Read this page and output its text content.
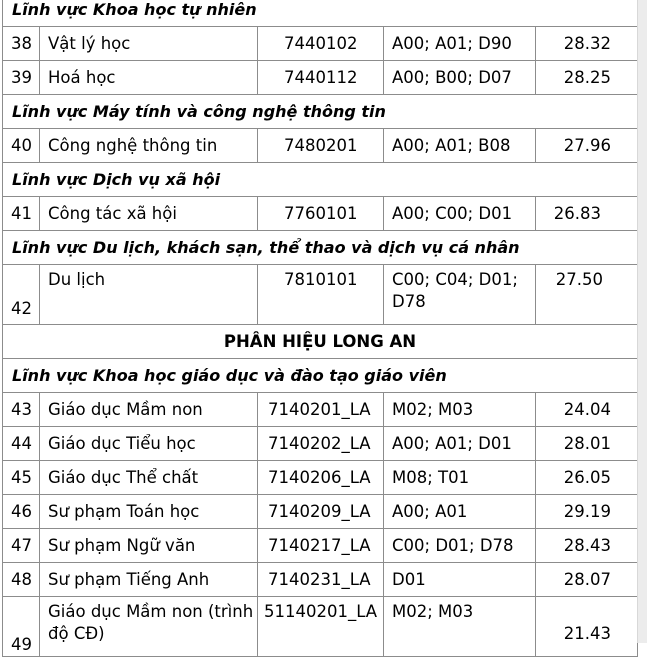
Lĩnh vực Khoa học tự nhiên				
38	Vật lý học	7440102	A00; A01; D90	28.32
39	Hoá học	7440112	A00; B00; D07	28.25
Lĩnh vực Máy tính và công nghệ thông tin				
40	Công nghệ thông tin	7480201	A00; A01; B08	27.96
Lĩnh vực Dịch vụ xã hội				
41	Công tác xã hội	7760101	A00; C00; D01	26.83
Lĩnh vực Du lịch, khách sạn, thể thao và dịch vụ cá nhân				
42	Du lịch	7810101	C00; C04; D01; D78	27.50
PHÂN HIỆU LONG AN				
Lĩnh vực Khoa học giáo dục và đào tạo giáo viên				
43	Giáo dục Mầm non	7140201_LA	M02; M03	24.04
44	Giáo dục Tiểu học	7140202_LA	A00; A01; D01	28.01
45	Giáo dục Thể chất	7140206_LA	M08; T01	26.05
46	Sư phạm Toán học	7140209_LA	A00; A01	29.19
47	Sư phạm Ngữ văn	7140217_LA	C00; D01; D78	28.43
48	Sư phạm Tiếng Anh	7140231_LA	D01	28.07
49	Giáo dục Mầm non (trình độ CĐ)	51140201_LA	M02; M03	21.43
